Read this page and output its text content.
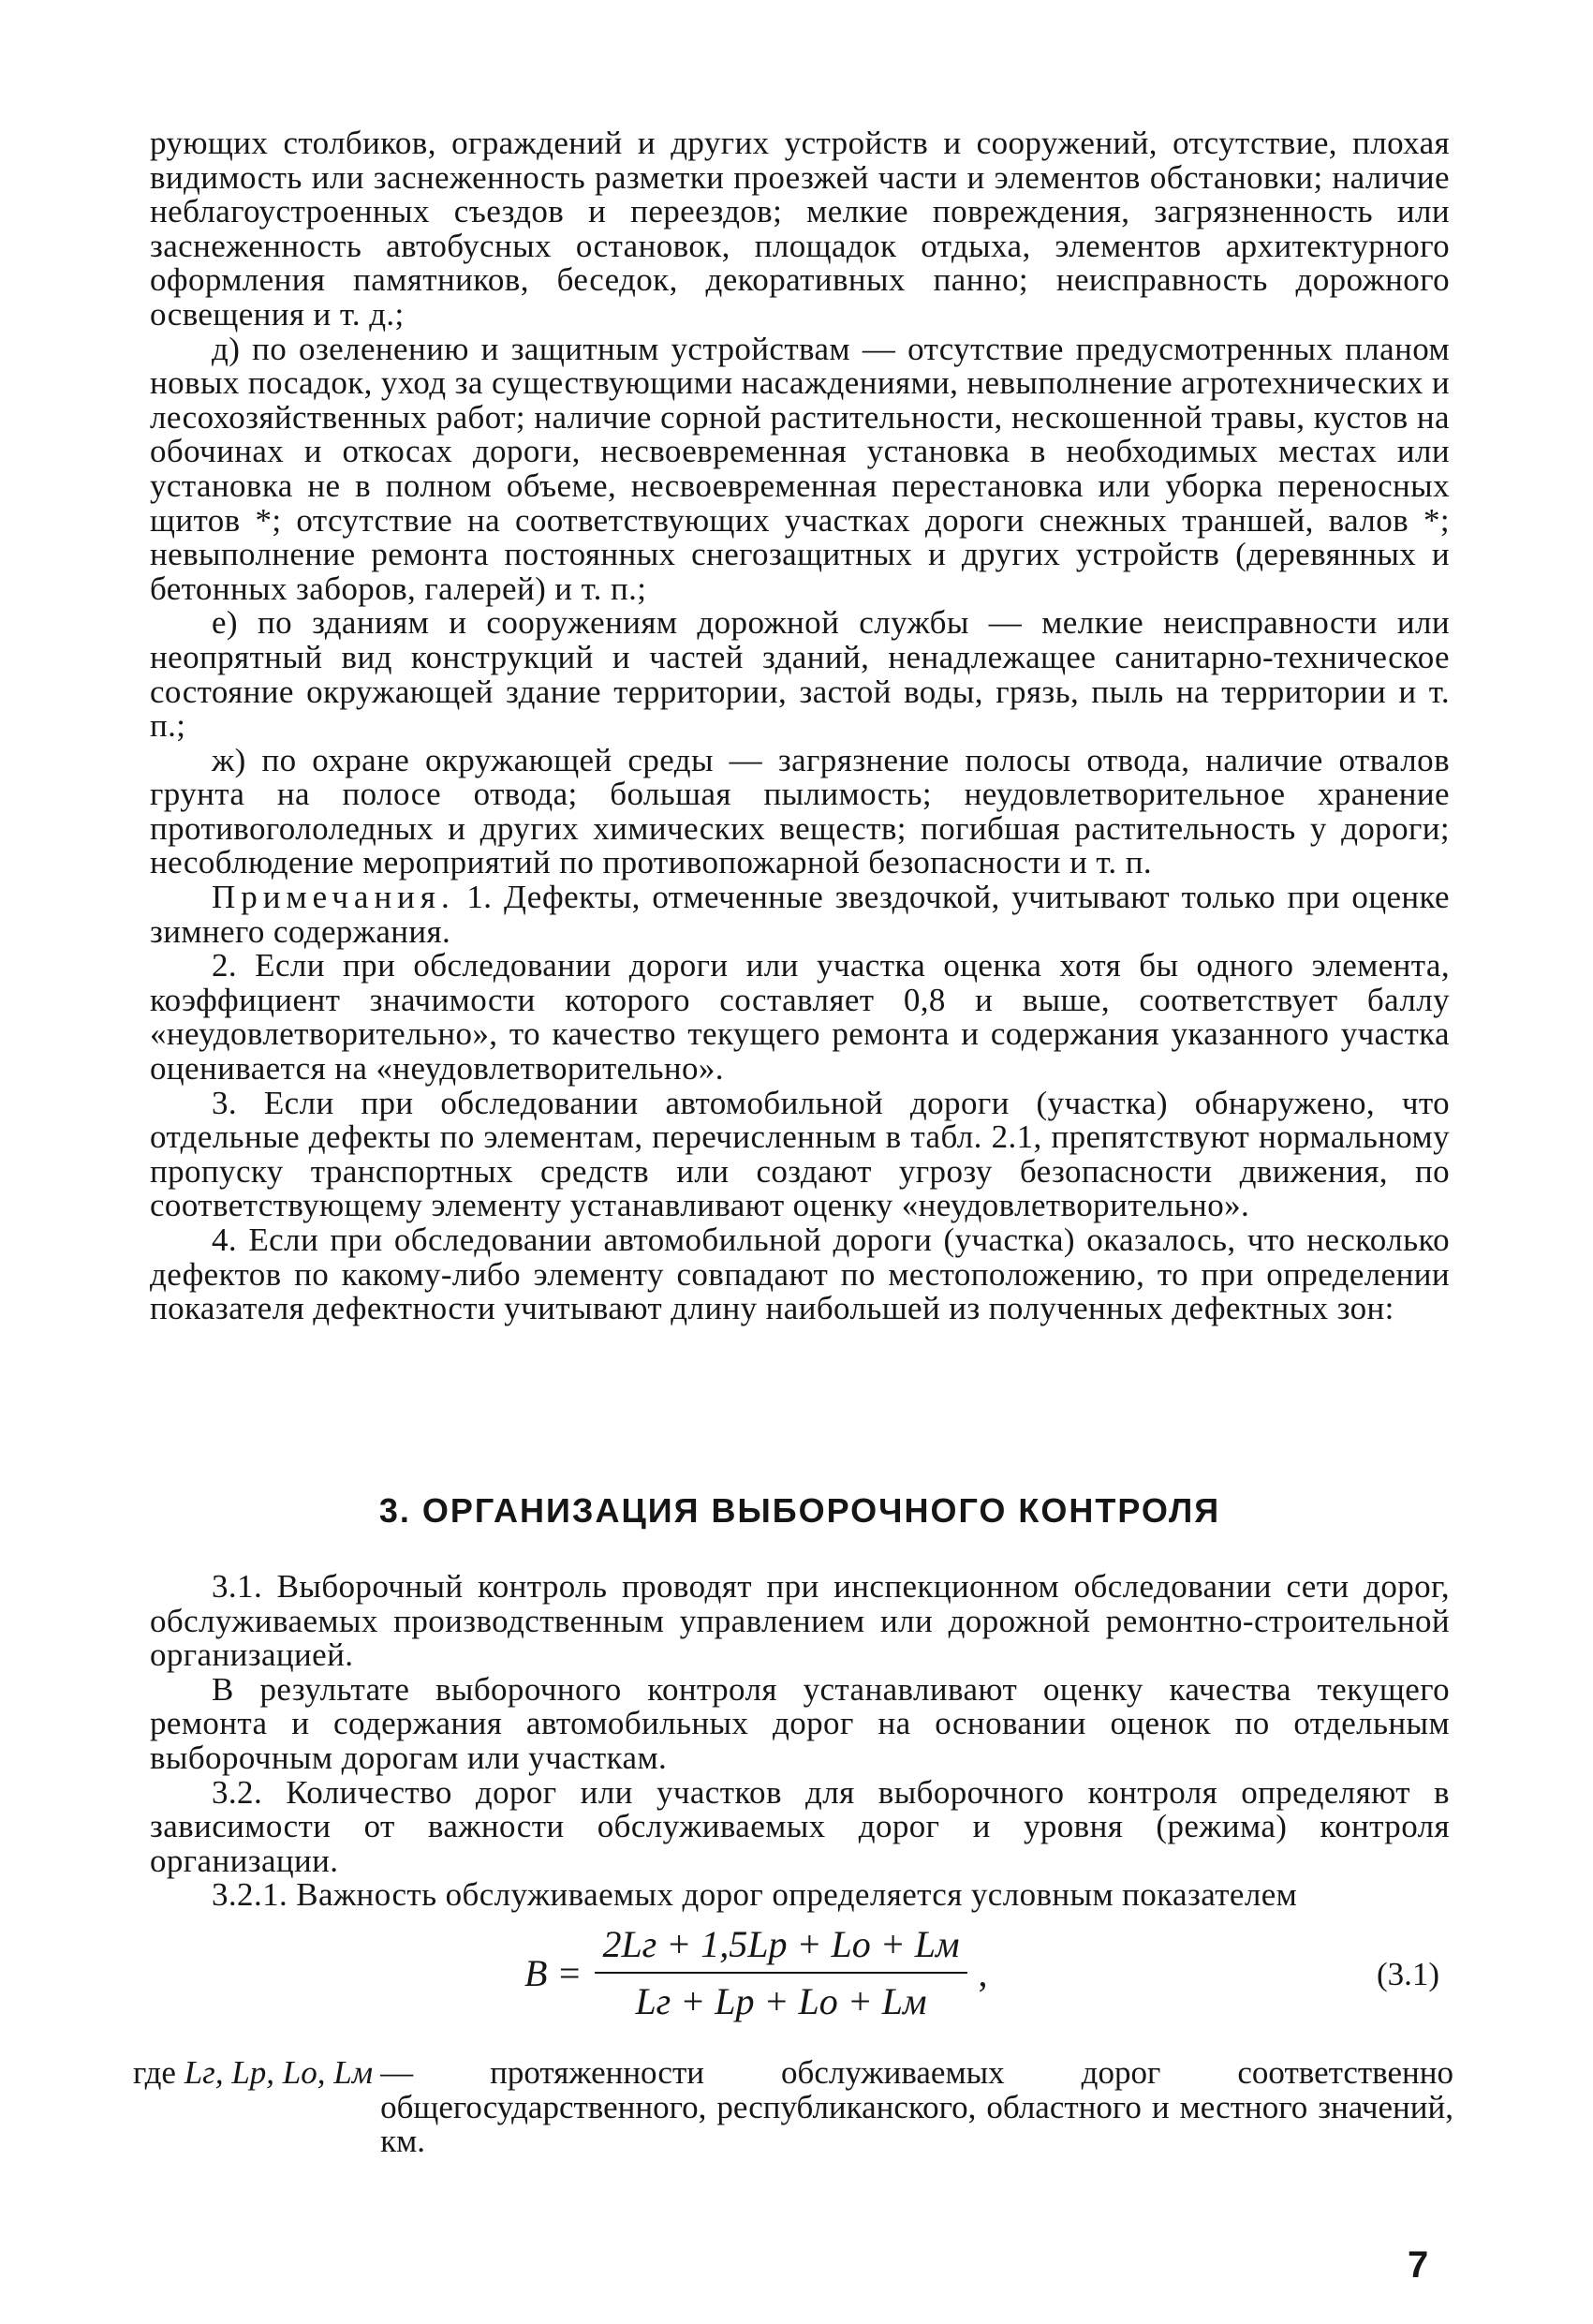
рующих столбиков, ограждений и других устройств и сооружений, отсутствие, плохая видимость или заснеженность разметки проезжей части и элементов обстановки; наличие неблагоустроенных съездов и переездов; мелкие повреждения, загрязненность или заснеженность автобусных остановок, площадок отдыха, элементов архитектурного оформления памятников, беседок, декоративных панно; неисправность дорожного освещения и т. д.;

д) по озеленению и защитным устройствам — отсутствие предусмотренных планом новых посадок, уход за существующими насаждениями, невыполнение агротехнических и лесохозяйственных работ; наличие сорной растительности, нескошенной травы, кустов на обочинах и откосах дороги, несвоевременная установка в необходимых местах или установка не в полном объеме, несвоевременная перестановка или уборка переносных щитов *; отсутствие на соответствующих участках дороги снежных траншей, валов *; невыполнение ремонта постоянных снегозащитных и других устройств (деревянных и бетонных заборов, галерей) и т. п.;

е) по зданиям и сооружениям дорожной службы — мелкие неисправности или неопрятный вид конструкций и частей зданий, ненадлежащее санитарно-техническое состояние окружающей здание территории, застой воды, грязь, пыль на территории и т. п.;

ж) по охране окружающей среды — загрязнение полосы отвода, наличие отвалов грунта на полосе отвода; большая пылимость; неудовлетворительное хранение противогололедных и других химических веществ; погибшая растительность у дороги; несоблюдение мероприятий по противопожарной безопасности и т. п.

Примечания. 1. Дефекты, отмеченные звездочкой, учитывают только при оценке зимнего содержания.

2. Если при обследовании дороги или участка оценка хотя бы одного элемента, коэффициент значимости которого составляет 0,8 и выше, соответствует баллу «неудовлетворительно», то качество текущего ремонта и содержания указанного участка оценивается на «неудовлетворительно».

3. Если при обследовании автомобильной дороги (участка) обнаружено, что отдельные дефекты по элементам, перечисленным в табл. 2.1, препятствуют нормальному пропуску транспортных средств или создают угрозу безопасности движения, по соответствующему элементу устанавливают оценку «неудовлетворительно».

4. Если при обследовании автомобильной дороги (участка) оказалось, что несколько дефектов по какому-либо элементу совпадают по местоположению, то при определении показателя дефектности учитывают длину наибольшей из полученных дефектных зон:

3. ОРГАНИЗАЦИЯ ВЫБОРОЧНОГО КОНТРОЛЯ

3.1. Выборочный контроль проводят при инспекционном обследовании сети дорог, обслуживаемых производственным управлением или дорожной ремонтно-строительной организацией.

В результате выборочного контроля устанавливают оценку качества текущего ремонта и содержания автомобильных дорог на основании оценок по отдельным выборочным дорогам или участкам.

3.2. Количество дорог или участков для выборочного контроля определяют в зависимости от важности обслуживаемых дорог и уровня (режима) контроля организации.

3.2.1. Важность обслуживаемых дорог определяется условным показателем

$B = \frac{2Lг + 1,5Lр + Lо + Lм}{Lг + Lр + Lо + Lм}$ ,	(3.1)
где Lг, Lр, Lо, Lм — протяженности обслуживаемых дорог соответственно общегосударственного, республиканского, областного и местного значений, км.
7
